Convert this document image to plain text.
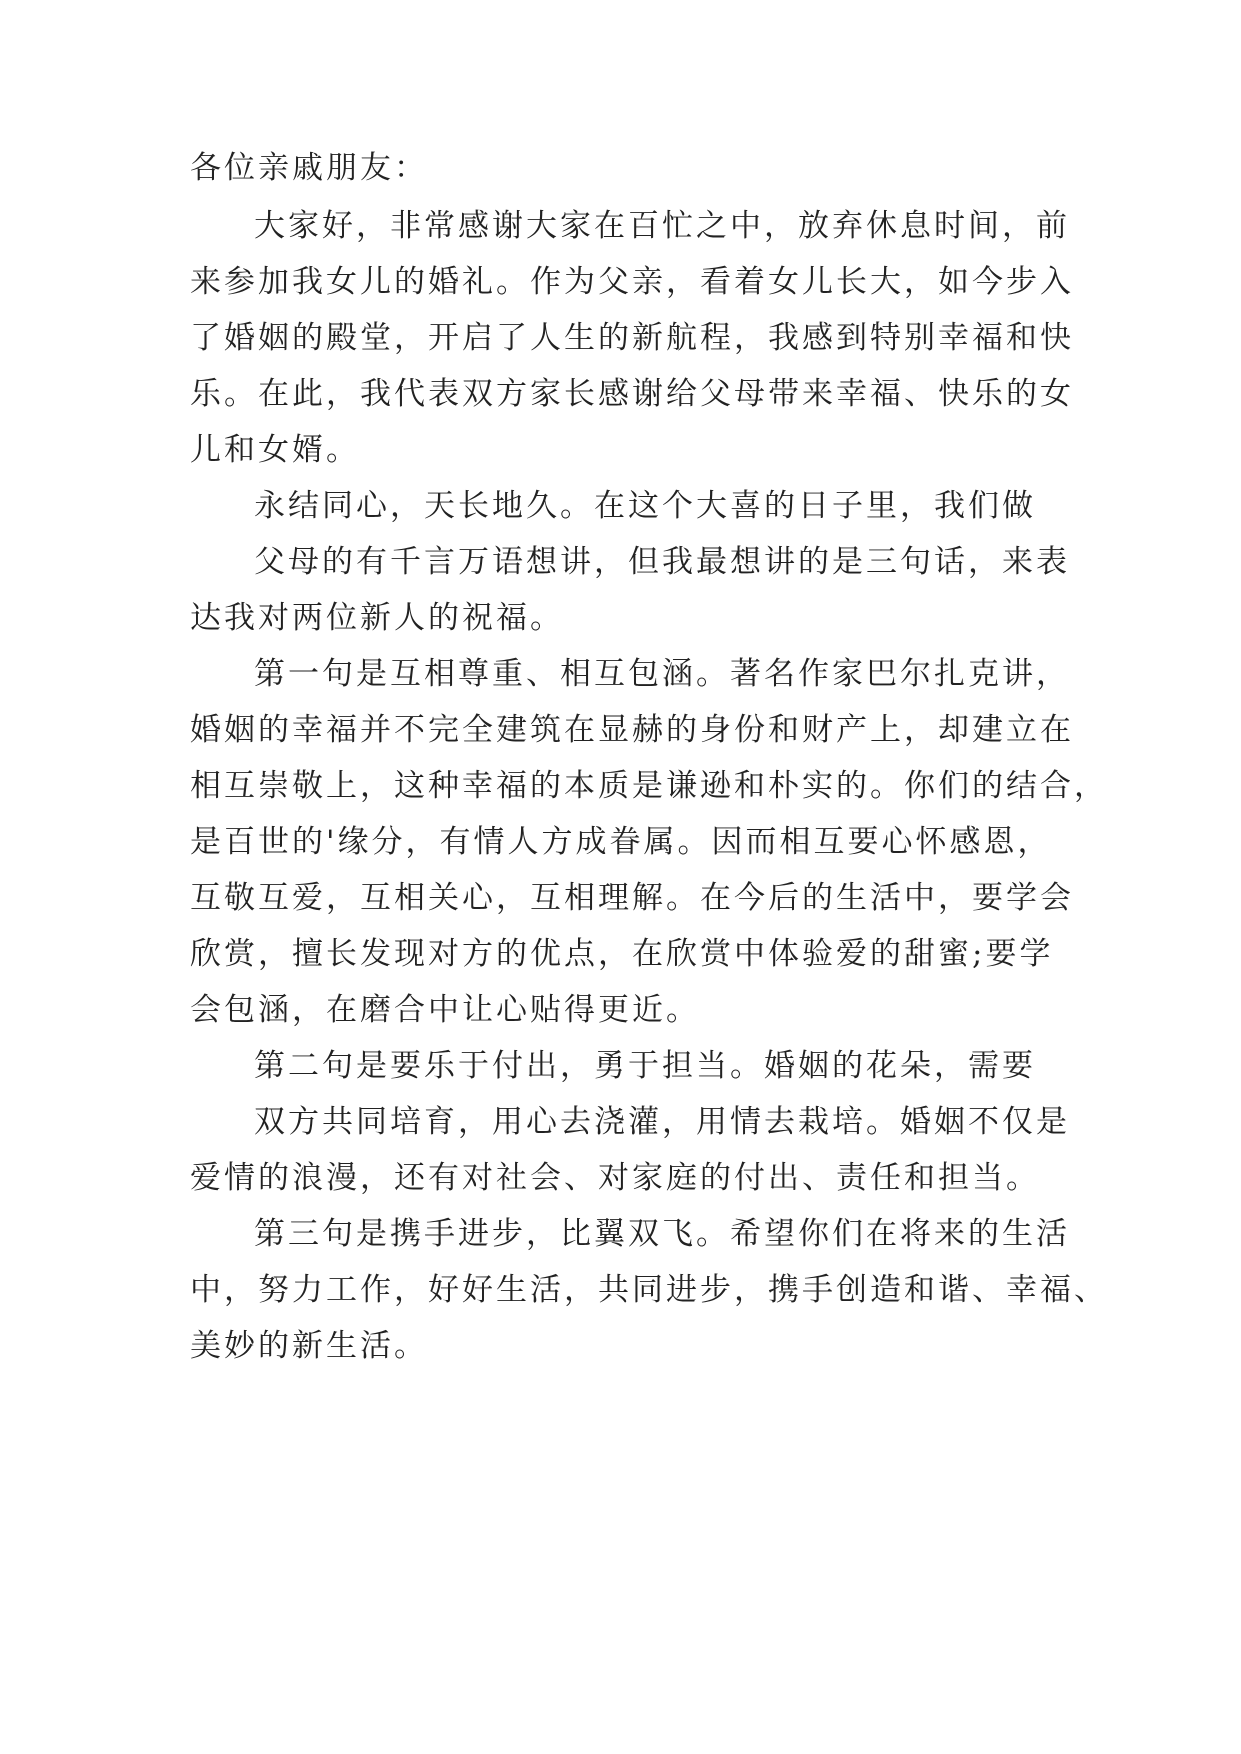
各位亲戚朋友：

大家好，非常感谢大家在百忙之中，放弃休息时间，前

来参加我女儿的婚礼。作为父亲，看着女儿长大，如今步入

了婚姻的殿堂，开启了人生的新航程，我感到特别幸福和快

乐。在此，我代表双方家长感谢给父母带来幸福、快乐的女

儿和女婿。

永结同心，天长地久。在这个大喜的日子里，我们做

父母的有千言万语想讲，但我最想讲的是三句话，来表

达我对两位新人的祝福。

第一句是互相尊重、相互包涵。著名作家巴尔扎克讲，

婚姻的幸福并不完全建筑在显赫的身份和财产上，却建立在

相互崇敬上，这种幸福的本质是谦逊和朴实的。你们的结合，

是百世的'缘分，有情人方成眷属。因而相互要心怀感恩，

互敬互爱，互相关心，互相理解。在今后的生活中，要学会

欣赏，擅长发现对方的优点，在欣赏中体验爱的甜蜜;要学

会包涵，在磨合中让心贴得更近。

第二句是要乐于付出，勇于担当。婚姻的花朵，需要

双方共同培育，用心去浇灌，用情去栽培。婚姻不仅是

爱情的浪漫，还有对社会、对家庭的付出、责任和担当。

第三句是携手进步，比翼双飞。希望你们在将来的生活

中，努力工作，好好生活，共同进步，携手创造和谐、幸福、

美妙的新生活。
